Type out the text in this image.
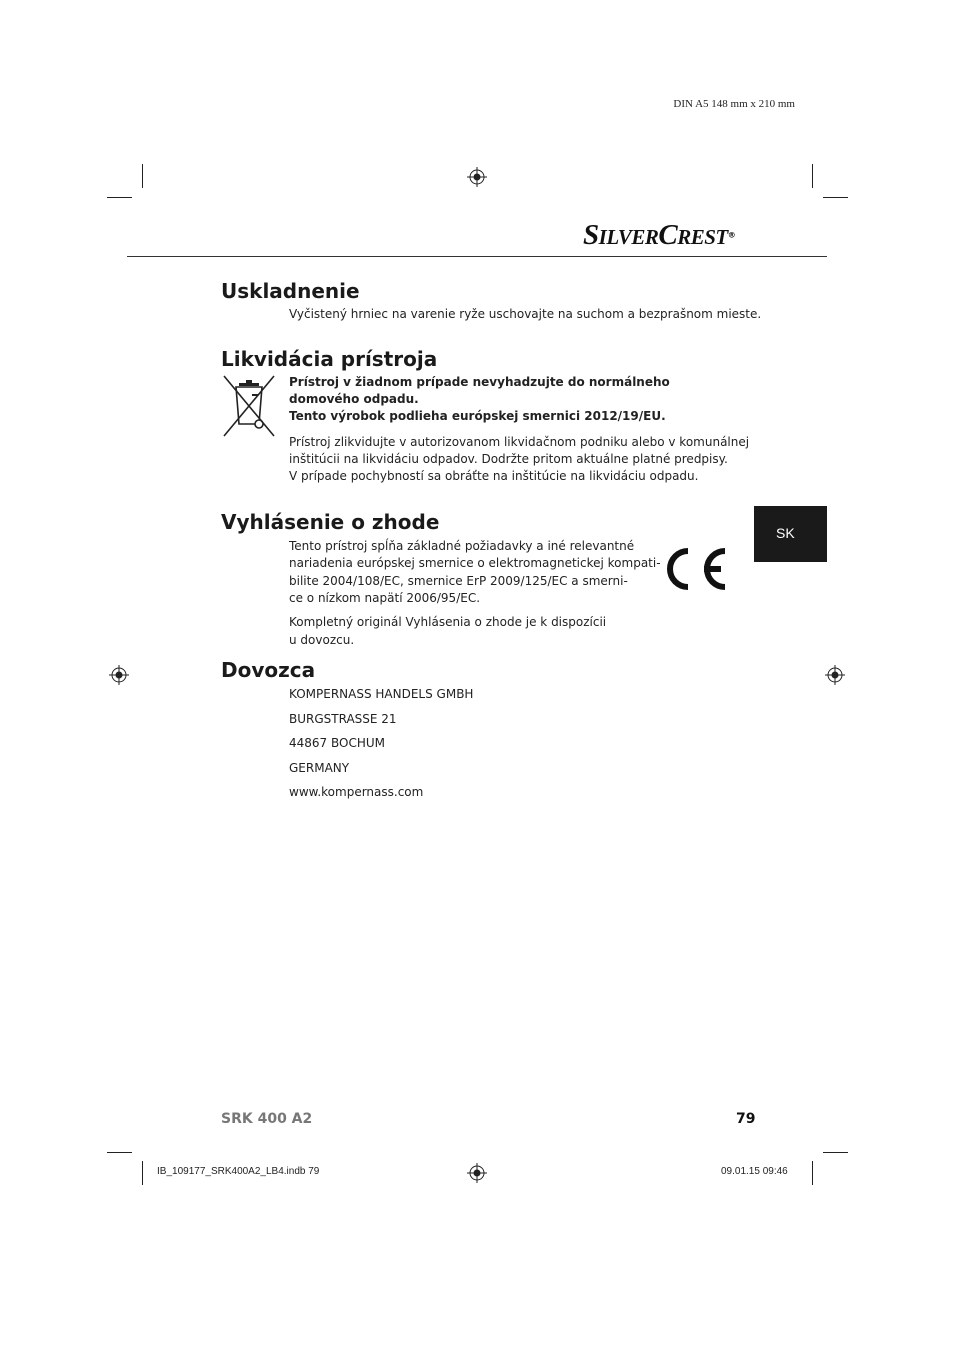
DIN A5 148 mm x 210 mm
SILVERCREST®
Uskladnenie
Vyčistený hrniec na varenie ryže uschovajte na suchom a bezprašnom mieste.
Likvidácia prístroja
Prístroj v žiadnom prípade nevyhadzujte do normálneho
domového odpadu.
Tento výrobok podlieha európskej smernici 2012/19/EU.
Prístroj zlikvidujte v autorizovanom likvidačnom podniku alebo v komunálnej
inštitúcii na likvidáciu odpadov. Dodržte pritom aktuálne platné predpisy.
V prípade pochybností sa obráťte na inštitúcie na likvidáciu odpadu.
Vyhlásenie o zhode
Tento prístroj spĺňa základné požiadavky a iné relevantné
nariadenia európskej smernice o elektromagnetickej kompati-
bilite 2004/108/EC, smernice ErP 2009/125/EC a smerni-
ce o nízkom napätí 2006/95/EC.
Kompletný originál Vyhlásenia o zhode je k dispozícii
u dovozcu.
SK
Dovozca
KOMPERNASS HANDELS GMBH
BURGSTRASSE 21
44867 BOCHUM
GERMANY
www.kompernass.com
SRK 400 A2	79
IB_109177_SRK400A2_LB4.indb 79	09.01.15 09:46
